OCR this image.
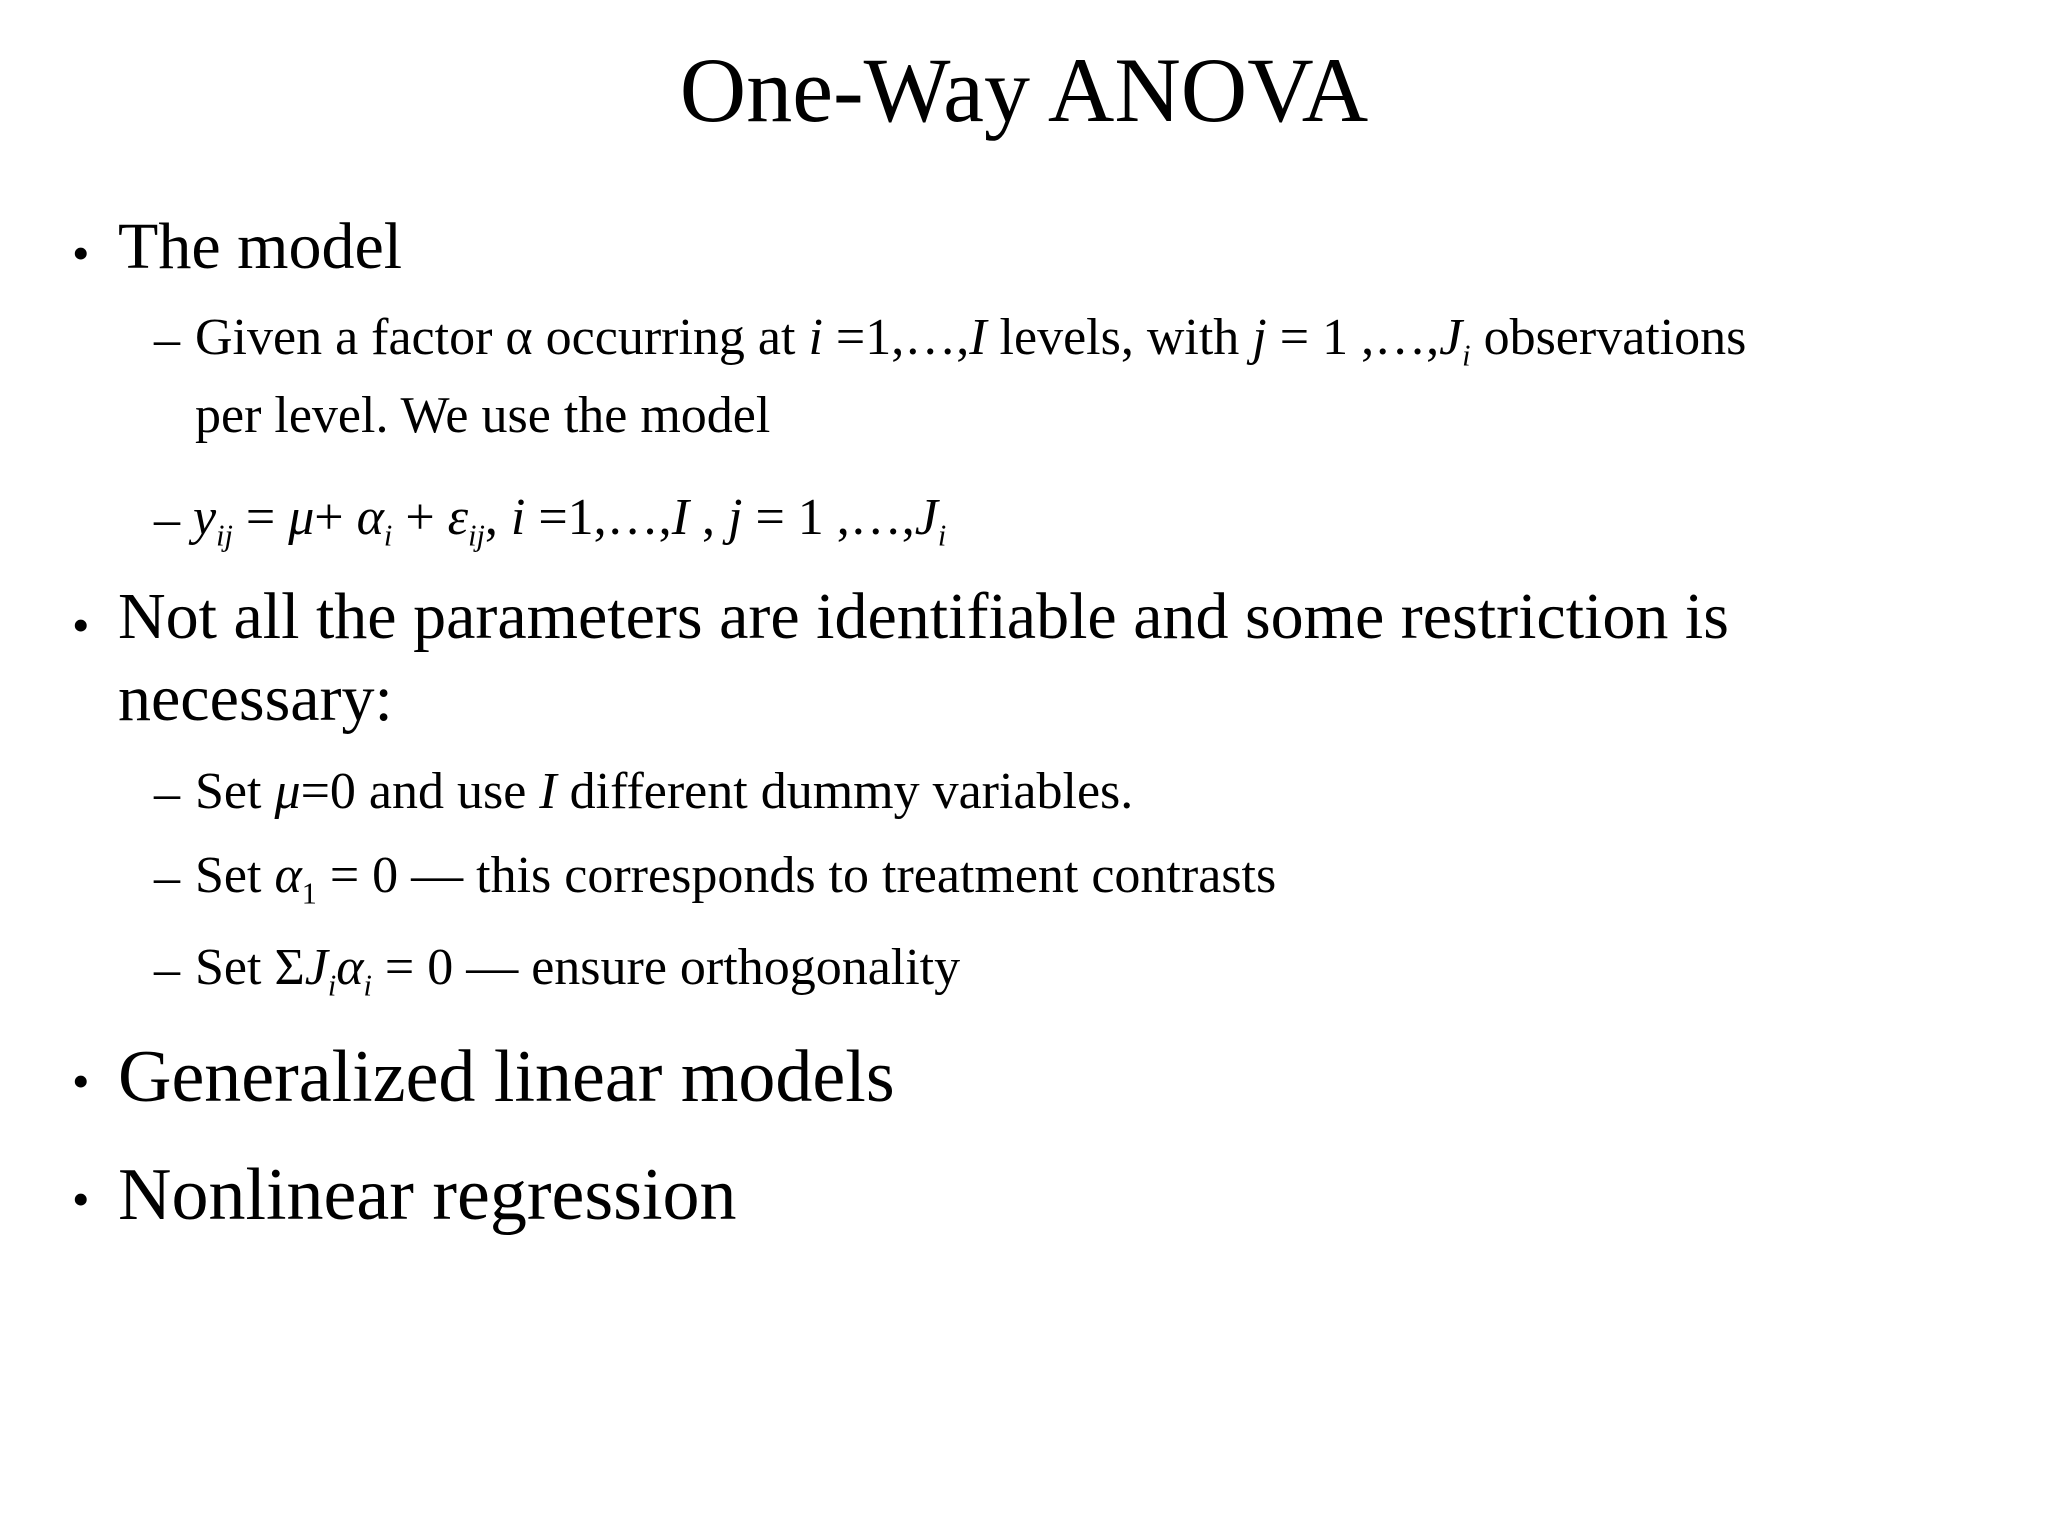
One-Way ANOVA
• The model
– Given a factor α occurring at i =1,…,I levels, with j = 1 $,\dots,J_i$ observations
per level. We use the model
– $y_{ij} = \mu+ \alpha_i + \varepsilon_{ij}$, i =1,…,I , j = 1 $,\dots,J_i$
• Not all the parameters are identifiable and some restriction is
necessary:
– Set μ=0 and use I different dummy variables.
– Set $\alpha_1 = 0$ — this corresponds to treatment contrasts
– Set $\Sigma J_i\alpha_i = 0$ — ensure orthogonality
• Generalized linear models
• Nonlinear regression
